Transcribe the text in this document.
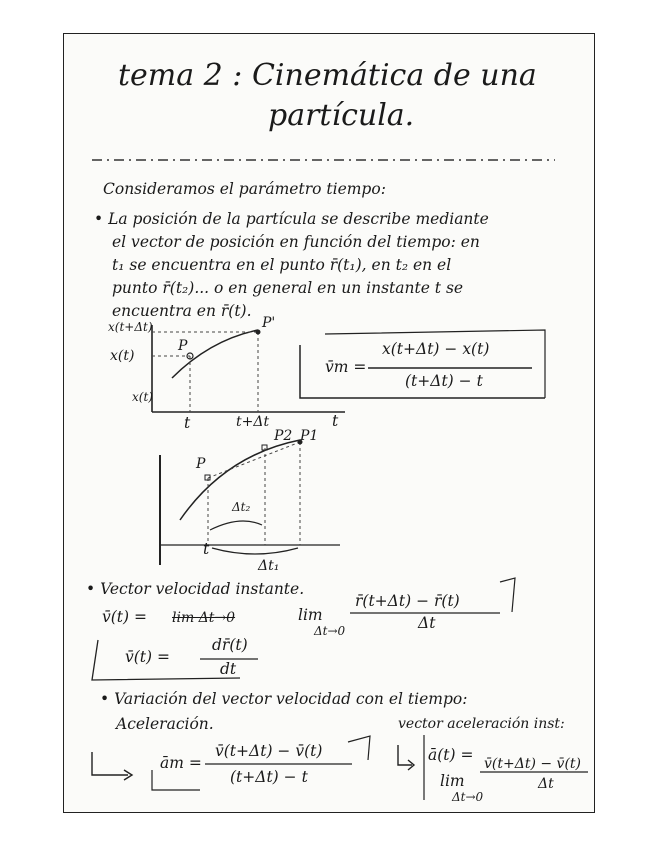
tema 2 : Cinemática de una
partícula.
Consideramos el parámetro tiempo:
• La posición de la partícula se describe mediante
el vector de posición en función del tiempo: en
t₁ se encuentra en el punto r̄(t₁), en t₂ en el
punto r̄(t₂)... o en general en un instante t se
encuentra en r̄(t).
x(t+Δt)
x(t)
x(t)
P
P'
t	t+Δt	t
v̄m =
x(t+Δt) − x(t)
(t+Δt) − t
P
P2 P1
t
Δt₂
Δt₁
• Vector velocidad instante.
v̄(t) = lim Δt→0	lim
Δt→0
r̄(t+Δt) − r̄(t)
Δt
v̄(t) =
dr̄(t)
dt
• Variación del vector velocidad con el tiempo:
Aceleración.	vector aceleración inst:
ām =
v̄(t+Δt) − v̄(t)
(t+Δt) − t
ā(t) =
lim
Δt→0
v̄(t+Δt) − v̄(t)
Δt
